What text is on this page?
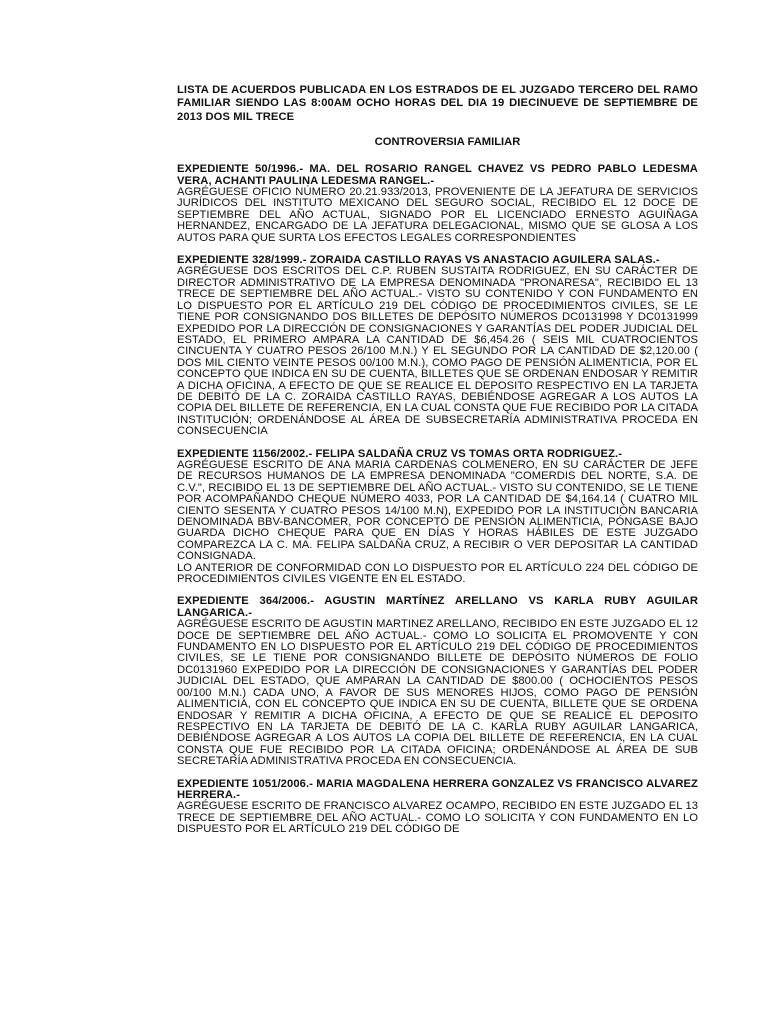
LISTA DE ACUERDOS PUBLICADA EN LOS ESTRADOS DE EL JUZGADO TERCERO DEL RAMO FAMILIAR SIENDO LAS 8:00AM OCHO HORAS DEL DIA 19 DIECINUEVE DE SEPTIEMBRE DE 2013 DOS MIL TRECE

CONTROVERSIA FAMILIAR

EXPEDIENTE 50/1996.- MA. DEL ROSARIO RANGEL CHAVEZ VS PEDRO PABLO LEDESMA VERA, ACHANTI PAULINA LEDESMA RANGEL.-

AGRÉGUESE OFICIO NÚMERO 20.21.933/2013, PROVENIENTE DE LA JEFATURA DE SERVICIOS JURÍDICOS DEL INSTITUTO MEXICANO DEL SEGURO SOCIAL, RECIBIDO EL 12 DOCE DE SEPTIEMBRE DEL AÑO ACTUAL, SIGNADO POR EL LICENCIADO ERNESTO AGUIÑAGA HERNANDEZ, ENCARGADO DE LA JEFATURA DELEGACIONAL, MISMO QUE SE GLOSA A LOS AUTOS PARA QUE SURTA LOS EFECTOS LEGALES CORRESPONDIENTES

EXPEDIENTE 328/1999.- ZORAIDA CASTILLO RAYAS VS ANASTACIO AGUILERA SALAS.-

AGRÉGUESE DOS ESCRITOS DEL C.P. RUBEN SUSTAITA RODRIGUEZ, EN SU CARÁCTER DE DIRECTOR ADMINISTRATIVO DE LA EMPRESA DENOMINADA "PRONARESA", RECIBIDO EL 13 TRECE DE SEPTIEMBRE DEL AÑO ACTUAL.- VISTO SU CONTENIDO Y CON FUNDAMENTO EN LO DISPUESTO POR EL ARTÍCULO 219 DEL CÓDIGO DE PROCEDIMIENTOS CIVILES, SE LE TIENE POR CONSIGNANDO DOS BILLETES DE DEPÓSITO NÚMEROS DC0131998 Y DC0131999 EXPEDIDO POR LA DIRECCIÓN DE CONSIGNACIONES Y GARANTÍAS DEL PODER JUDICIAL DEL ESTADO, EL PRIMERO AMPARA LA CANTIDAD DE $6,454.26 ( SEIS MIL CUATROCIENTOS CINCUENTA Y CUATRO PESOS 26/100 M.N.) Y EL SEGUNDO POR LA CANTIDAD DE $2,120.00 ( DOS MIL CIENTO VEINTE PESOS 00/100 M.N.), COMO PAGO DE PENSIÓN ALIMENTICIA, POR EL CONCEPTO QUE INDICA EN SU DE CUENTA, BILLETES QUE SE ORDENAN ENDOSAR Y REMITIR A DICHA OFICINA, A EFECTO DE QUE SE REALICE EL DEPOSITO RESPECTIVO EN LA TARJETA DE DEBITÓ DE LA C. ZORAIDA CASTILLO RAYAS, DEBIÉNDOSE AGREGAR A LOS AUTOS LA COPIA DEL BILLETE DE REFERENCIA, EN LA CUAL CONSTA QUE FUE RECIBIDO POR LA CITADA INSTITUCIÓN; ORDENÁNDOSE AL ÁREA DE SUBSECRETARÍA ADMINISTRATIVA PROCEDA EN CONSECUENCIA

EXPEDIENTE 1156/2002.- FELIPA SALDAÑA CRUZ VS TOMAS ORTA RODRIGUEZ.-

AGRÉGUESE ESCRITO DE ANA MARIA CARDENAS COLMENERO, EN SU CARÁCTER DE JEFE DE RECURSOS HUMANOS DE LA EMPRESA DENOMINADA "COMERDIS DEL NORTE, S.A. DE C.V.", RECIBIDO EL 13 DE SEPTIEMBRE DEL AÑO ACTUAL.- VISTO SU CONTENIDO, SE LE TIENE POR ACOMPAÑANDO CHEQUE NÚMERO 4033, POR LA CANTIDAD DE $4,164.14 ( CUATRO MIL CIENTO SESENTA Y CUATRO PESOS 14/100 M.N), EXPEDIDO POR LA INSTITUCIÓN BANCARIA DENOMINADA BBV-BANCOMER, POR CONCEPTO DE PENSIÓN ALIMENTICIA, PÓNGASE BAJO GUARDA DICHO CHEQUE PARA QUE EN DÍAS Y HORAS HÁBILES DE ESTE JUZGADO COMPAREZCA LA C. MA. FELIPA SALDAÑA CRUZ, A RECIBIR O VER DEPOSITAR LA CANTIDAD CONSIGNADA.

LO ANTERIOR DE CONFORMIDAD CON LO DISPUESTO POR EL ARTÍCULO 224 DEL CÓDIGO DE PROCEDIMIENTOS CIVILES VIGENTE EN EL ESTADO.

EXPEDIENTE 364/2006.- AGUSTIN MARTÍNEZ ARELLANO VS KARLA RUBY AGUILAR LANGARICA.-

AGRÉGUESE ESCRITO DE AGUSTIN MARTINEZ ARELLANO, RECIBIDO EN ESTE JUZGADO EL 12 DOCE DE SEPTIEMBRE DEL AÑO ACTUAL.- COMO LO SOLICITA EL PROMOVENTE Y CON FUNDAMENTO EN LO DISPUESTO POR EL ARTÍCULO 219 DEL CÓDIGO DE PROCEDIMIENTOS CIVILES, SE LE TIENE POR CONSIGNANDO BILLETE DE DEPÓSITO NÚMEROS DE FOLIO DC0131960 EXPEDIDO POR LA DIRECCIÓN DE CONSIGNACIONES Y GARANTÍAS DEL PODER JUDICIAL DEL ESTADO, QUE AMPARAN LA CANTIDAD DE $800.00 ( OCHOCIENTOS PESOS 00/100 M.N.) CADA UNO, A FAVOR DE SUS MENORES HIJOS, COMO PAGO DE PENSIÓN ALIMENTICIA, CON EL CONCEPTO QUE INDICA EN SU DE CUENTA, BILLETE QUE SE ORDENA ENDOSAR Y REMITIR A DICHA OFICINA, A EFECTO DE QUE SE REALICE EL DEPOSITO RESPECTIVO EN LA TARJETA DE DEBITÓ DE LA C. KARLA RUBY AGUILAR LANGARICA, DEBIÉNDOSE AGREGAR A LOS AUTOS LA COPIA DEL BILLETE DE REFERENCIA, EN LA CUAL CONSTA QUE FUE RECIBIDO POR LA CITADA OFICINA; ORDENÁNDOSE AL ÁREA DE SUB SECRETARÍA ADMINISTRATIVA PROCEDA EN CONSECUENCIA.

EXPEDIENTE 1051/2006.- MARIA MAGDALENA HERRERA GONZALEZ VS FRANCISCO ALVAREZ HERRERA.-

AGRÉGUESE ESCRITO DE FRANCISCO ALVAREZ OCAMPO, RECIBIDO EN ESTE JUZGADO EL 13 TRECE DE SEPTIEMBRE DEL AÑO ACTUAL.- COMO LO SOLICITA Y CON FUNDAMENTO EN LO DISPUESTO POR EL ARTÍCULO 219 DEL CÓDIGO DE
